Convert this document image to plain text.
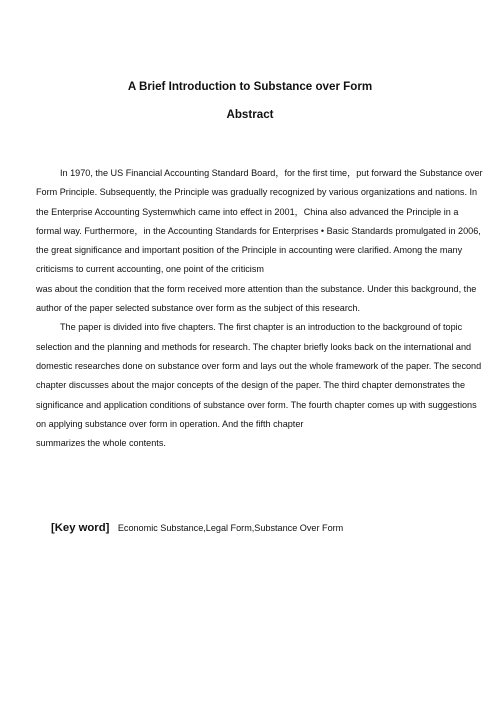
A Brief Introduction to Substance over Form
Abstract
In 1970, the US Financial Accounting Standard Board，for the first time，put forward the Substance over
Form Principle. Subsequently, the Principle was gradually recognized by various organizations and nations. In
the Enterprise Accounting Systemwhich came into effect in 2001，China also advanced the Principle in a
formal way. Furthermore，in the Accounting Standards for Enterprises • Basic Standards promulgated in 2006,
the great significance and important position of the Principle in accounting were clarified. Among the many
criticisms to current accounting, one point of the criticism
was about the condition that the form received more attention than the substance. Under this background, the
author of the paper selected substance over form as the subject of this research.
The paper is divided into five chapters. The first chapter is an introduction to the background of topic
selection and the planning and methods for research. The chapter briefly looks back on the international and
domestic researches done on substance over form and lays out the whole framework of the paper. The second
chapter discusses about the major concepts of the design of the paper. The third chapter demonstrates the
significance and application conditions of substance over form. The fourth chapter comes up with suggestions
on applying substance over form in operation. And the fifth chapter
summarizes the whole contents.
[Key word] Economic Substance,Legal Form,Substance Over Form
